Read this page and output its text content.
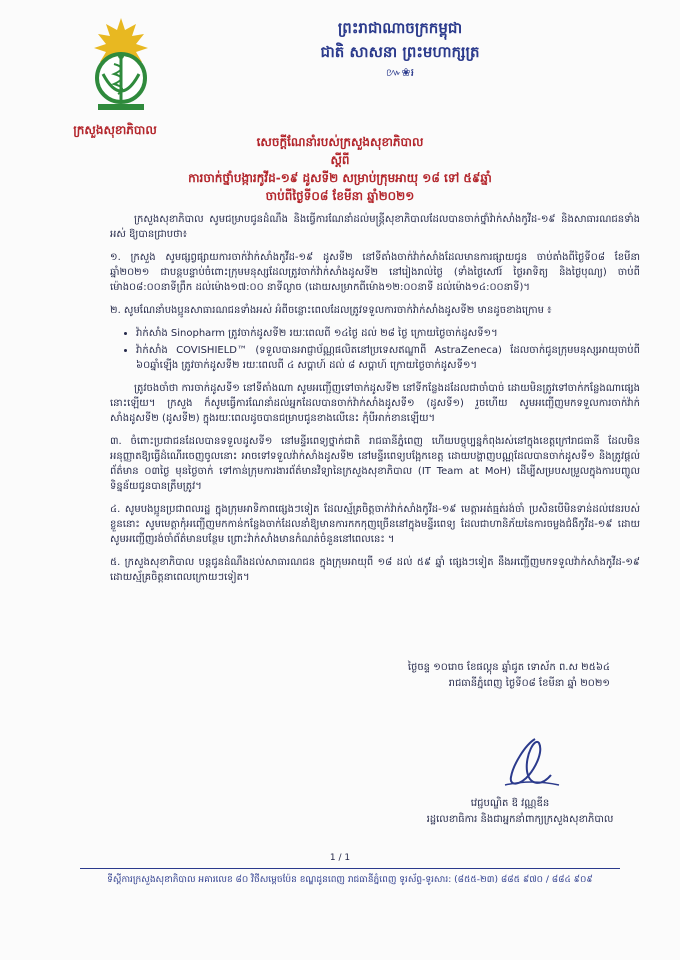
ព្រះរាជាណាចក្រកម្ពុជា
ជាតិ សាសនា ព្រះមហាក្សត្រ
៚❀៛
ក្រសួងសុខាភិបាល
សេចក្តីណែនាំរបស់ក្រសួងសុខាភិបាល
ស្តីពី
ការចាក់ថ្នាំបង្ការកូវីដ-១៩ ដូសទី២ សម្រាប់ក្រុមអាយុ ១៨ ទៅ ៥៩ឆ្នាំ
ចាប់ពីថ្ងៃទី០៨ ខែមីនា ឆ្នាំ២០២១

ក្រសួងសុខាភិបាល សូមជម្រាបជូនដំណឹង និងធ្វើការណែនាំដល់មន្ត្រីសុខាភិបាលដែលបានចាក់ថ្នាំវ៉ាក់សាំងកូវីដ-១៩ និងសាធារណជនទាំងអស់ ឱ្យបានជ្រាបថា៖

១. ក្រសួង សូមផ្សព្វផ្សាយការចាក់វ៉ាក់សាំងកូវីដ-១៩ ដូសទី២ នៅទីតាំងចាក់វ៉ាក់សាំងដែលមានការផ្សាយជូន ចាប់តាំងពីថ្ងៃទី០៨ ខែមីនា ឆ្នាំ២០២១ ជាបន្តបន្ទាប់ចំពោះក្រុមមនុស្សដែលត្រូវចាក់វ៉ាក់សាំងដូសទី២ នៅរៀងរាល់ថ្ងៃ (ទាំងថ្ងៃសៅរ៍ ថ្ងៃអាទិត្យ និងថ្ងៃបុណ្យ) ចាប់ពីម៉ោង០៨:០០នាទីព្រឹក ដល់ម៉ោង១៧:០០ នាទីល្ងាច (ដោយសម្រាកពីម៉ោង១២:០០នាទី ដល់ម៉ោង១៤:០០នាទី)។

២. សូមណែនាំបងប្អូនសាធារណជនទាំងអស់ អំពីចន្លោះពេលដែលត្រូវទទួលការចាក់វ៉ាក់សាំងដូសទី២ មានដូចខាងក្រោម ៖

• វ៉ាក់សាំង Sinopharm ត្រូវចាក់ដូសទី២ រយៈពេលពី ១៤ថ្ងៃ ដល់ ២៨ ថ្ងៃ ក្រោយថ្ងៃចាក់ដូសទី១។
• វ៉ាក់សាំង COVISHIELD™ (ទទួលបានអាជ្ញាប័ណ្ណផលិតនៅប្រទេសឥណ្ឌាពី AstraZeneca) ដែលចាក់ជូនក្រុមមនុស្សអាយុចាប់ពី ៦០ឆ្នាំឡើង ត្រូវចាក់ដូសទី២ រយៈពេលពី ៤ សប្តាហ៍ ដល់ ៨ សប្តាហ៍ ក្រោយថ្ងៃចាក់ដូសទី១។

ត្រូវចងចាំថា ការចាក់ដូសទី១ នៅទីតាំងណា សូមអញ្ជើញទៅចាក់ដូសទី២ នៅទីកន្លែងដដែលជាចាំបាច់ ដោយមិនត្រូវទៅចាក់កន្លែងណាផ្សេងនោះឡើយ។ ក្រសួង ក៏សូមធ្វើការណែនាំដល់អ្នកដែលបានចាក់វ៉ាក់សាំងដូសទី១ (ដូសទី១) រួចហើយ សូមអញ្ជើញមកទទួលការចាក់វ៉ាក់សាំងដូសទី២ (ដូសទី២) ក្នុងរយៈពេលដូចបានជម្រាបជូនខាងលើនេះ កុំបីអាក់ខានឡើយ។

៣. ចំពោះប្រជាជនដែលបានទទួលដូសទី១ នៅមន្ទីរពេទ្យថ្នាក់ជាតិ រាជធានីភ្នំពេញ ហើយបច្ចុប្បន្នកំពុងរស់នៅក្នុងខេត្តក្រៅរាជធានី ដែលមិនអនុញ្ញាតឱ្យធ្វើដំណើរចេញចូលនោះ អាចទៅទទួលវ៉ាក់សាំងដូសទី២ នៅមន្ទីរពេទ្យបង្អែកខេត្ត ដោយបង្ហាញបណ្ណដែលបានចាក់ដូសទី១ និងត្រូវផ្តល់ព័ត៌មាន ០៣ថ្ងៃ មុនថ្ងៃចាក់ ទៅកាន់ក្រុមការងារព័ត៌មានវិទ្យានៃក្រសួងសុខាភិបាល (IT Team at MoH) ដើម្បីសម្របសម្រួលក្នុងការបញ្ចូលទិន្នន័យជូនបានត្រឹមត្រូវ។

៤. សូមបងប្អូនប្រជាពលរដ្ឋ ក្នុងក្រុមអាទិភាពផ្សេងៗទៀត ដែលស្ម័គ្រចិត្តចាក់វ៉ាក់សាំងកូវីដ-១៩ មេត្តាអត់ធ្មត់រង់ចាំ ប្រសិនបើមិនទាន់ដល់វេនរបស់ខ្លួននោះ សូមមេត្តាកុំអញ្ជើញមកកាន់កន្លែងចាក់ដែលនាំឱ្យមានការកកកុញច្រើននៅក្នុងមន្ទីរពេទ្យ ដែលជាហានិភ័យនៃការចម្លងជំងឺកូវីដ-១៩ ដោយសូមអញ្ជើញរង់ចាំព័ត៌មានបន្ថែម ព្រោះវ៉ាក់សាំងមានកំណត់ចំនួននៅពេលនេះ ។

៥. ក្រសួងសុខាភិបាល បន្តជូនដំណឹងដល់សាធារណជន ក្នុងក្រុមអាយុពី ១៨ ដល់ ៥៩ ឆ្នាំ ផ្សេងៗទៀត នឹងអញ្ជើញមកទទួលវ៉ាក់សាំងកូវីដ-១៩ ដោយស្ម័គ្រចិត្តនាពេលក្រោយៗទៀត។

ថ្ងៃចន្ទ ១០រោច ខែផល្គុន ឆ្នាំជូត ទោស័ក ព.ស ២៥៦៤
រាជធានីភ្នំពេញ ថ្ងៃទី០៨ ខែមីនា ឆ្នាំ ២០២១
វេជ្ជបណ្ឌិត ឱ វណ្ណឌីន
រដ្ឋលេខាធិការ និងជាអ្នកនាំពាក្យក្រសួងសុខាភិបាល
1 / 1
ទីស្តីការក្រសួងសុខាភិបាល អគារលេខ ៨០ វិថីសម្តេចប៉ែន ខណ្ឌដូនពេញ រាជធានីភ្នំពេញ ទូរស័ព្ទ-ទូរសារ: (៨៥៥-២៣) ៨៨៥ ៩៧០ / ៨៨៤ ៩០៩
